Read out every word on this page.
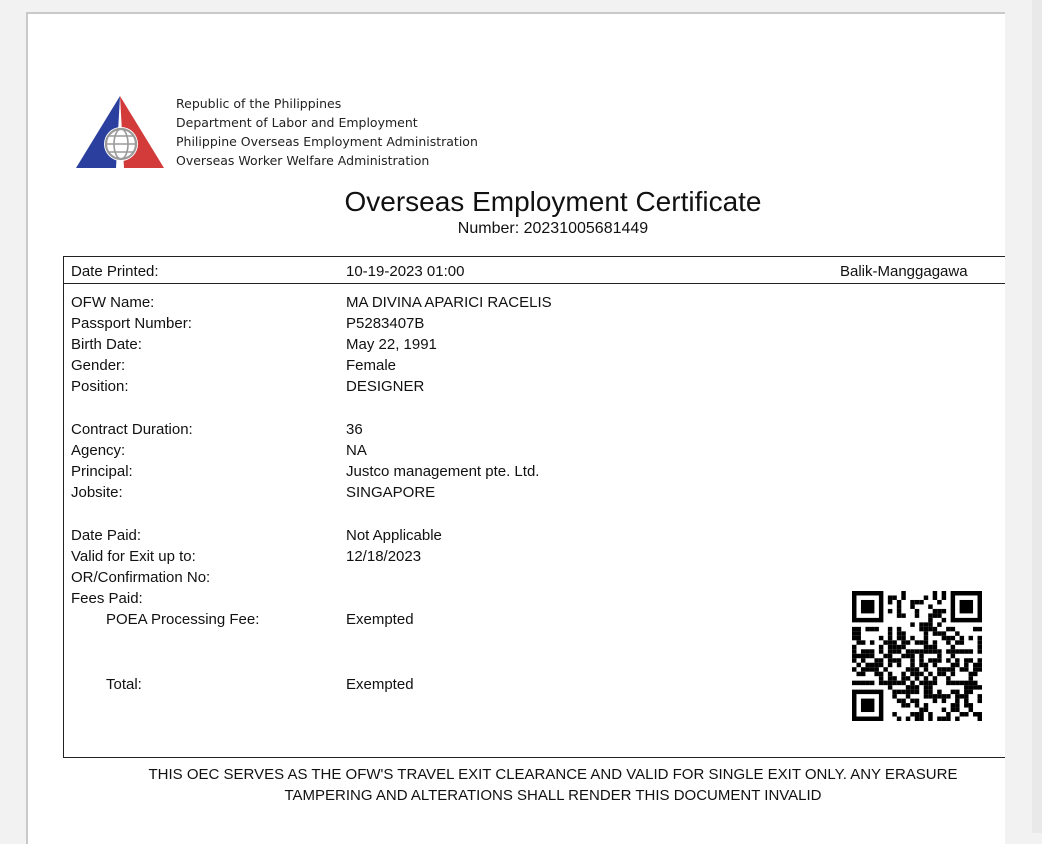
Republic of the Philippines
Department of Labor and Employment
Philippine Overseas Employment Administration
Overseas Worker Welfare Administration
Overseas Employment Certificate
Number: 20231005681449
Date Printed:	10-19-2023 01:00	Balik-Manggagawa
OFW Name:	MA DIVINA APARICI RACELIS
Passport Number:	P5283407B
Birth Date:	May 22, 1991
Gender:	Female
Position:	DESIGNER
Contract Duration:	36
Agency:	NA
Principal:	Justco management pte. Ltd.
Jobsite:	SINGAPORE
Date Paid:	Not Applicable
Valid for Exit up to:	12/18/2023
OR/Confirmation No:
Fees Paid:
POEA Processing Fee:	Exempted
Total:	Exempted
THIS OEC SERVES AS THE OFW'S TRAVEL EXIT CLEARANCE AND VALID FOR SINGLE EXIT ONLY. ANY ERASURE
TAMPERING AND ALTERATIONS SHALL RENDER THIS DOCUMENT INVALID
